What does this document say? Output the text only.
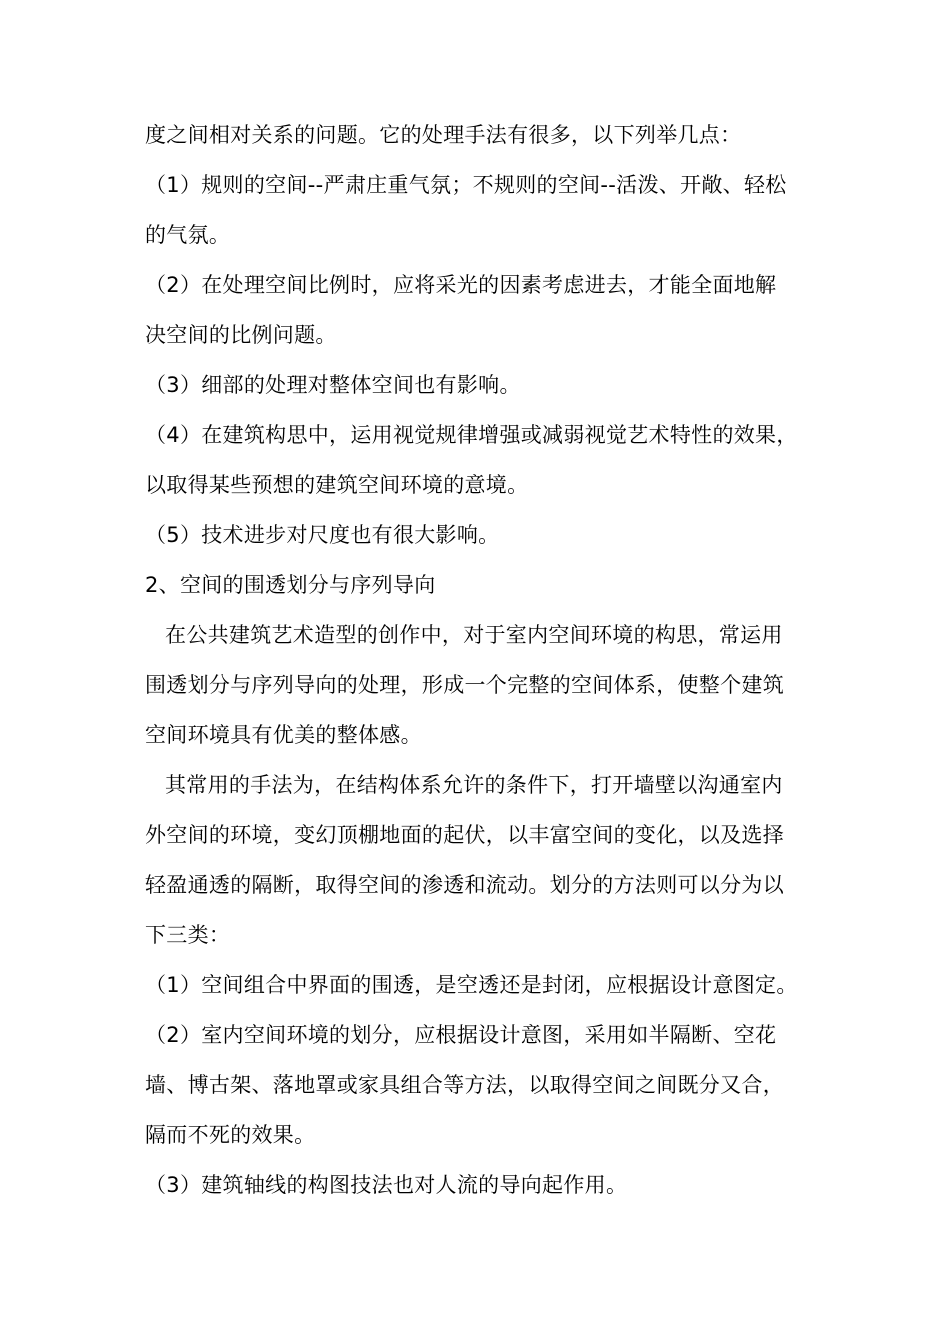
度之间相对关系的问题。它的处理手法有很多，以下列举几点：
（1）规则的空间--严肃庄重气氛；不规则的空间--活泼、开敞、轻松
的气氛。
（2）在处理空间比例时，应将采光的因素考虑进去，才能全面地解
决空间的比例问题。
（3）细部的处理对整体空间也有影响。
（4）在建筑构思中，运用视觉规律增强或减弱视觉艺术特性的效果，
以取得某些预想的建筑空间环境的意境。
（5）技术进步对尺度也有很大影响。
2、空间的围透划分与序列导向
在公共建筑艺术造型的创作中，对于室内空间环境的构思，常运用
围透划分与序列导向的处理，形成一个完整的空间体系，使整个建筑
空间环境具有优美的整体感。
其常用的手法为，在结构体系允许的条件下，打开墙壁以沟通室内
外空间的环境，变幻顶棚地面的起伏，以丰富空间的变化，以及选择
轻盈通透的隔断，取得空间的渗透和流动。划分的方法则可以分为以
下三类：
（1）空间组合中界面的围透，是空透还是封闭，应根据设计意图定。
（2）室内空间环境的划分，应根据设计意图，采用如半隔断、空花
墙、博古架、落地罩或家具组合等方法，以取得空间之间既分又合，
隔而不死的效果。
（3）建筑轴线的构图技法也对人流的导向起作用。
